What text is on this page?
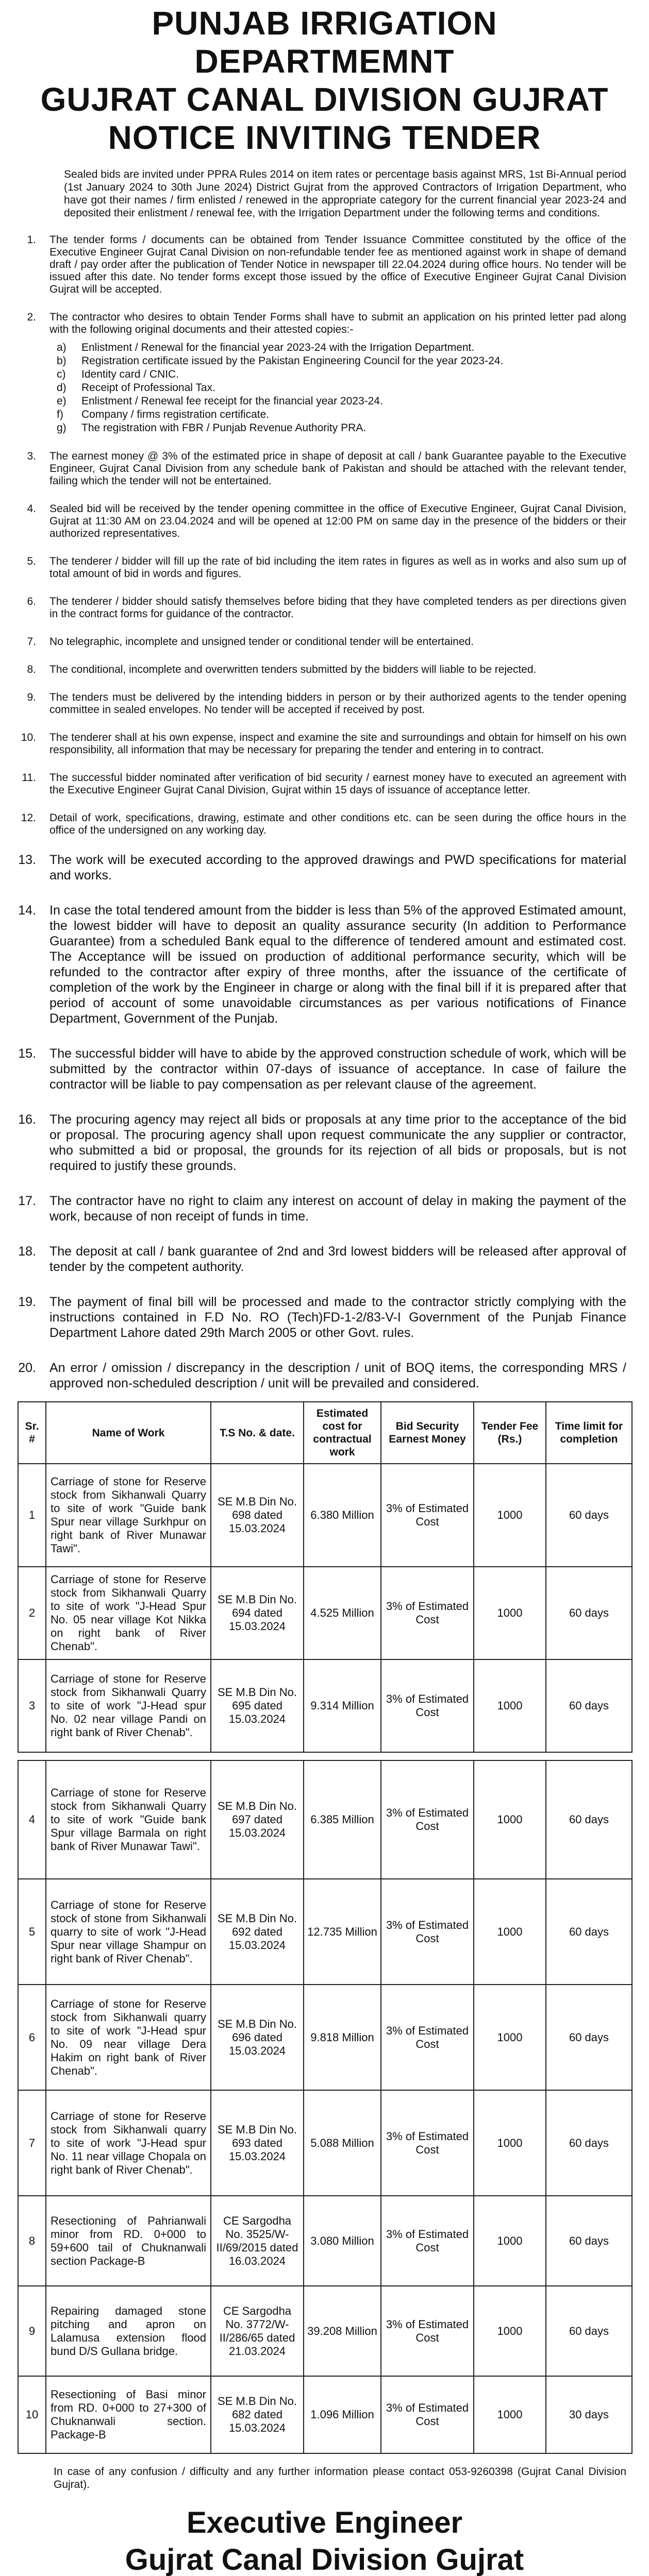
PUNJAB IRRIGATION DEPARTMEMNT
GUJRAT CANAL DIVISION GUJRAT
NOTICE INVITING TENDER

Sealed bids are invited under PPRA Rules 2014 on item rates or percentage basis against MRS, 1st Bi-Annual period (1st January 2024 to 30th June 2024) District Gujrat from the approved Contractors of Irrigation Department, who have got their names / firm enlisted / renewed in the appropriate category for the current financial year 2023-24 and deposited their enlistment / renewal fee, with the Irrigation Department under the following terms and conditions.

1.	The tender forms / documents can be obtained from Tender Issuance Committee constituted by the office of the Executive Engineer Gujrat Canal Division on non-refundable tender fee as mentioned against work in shape of demand draft / pay order after the publication of Tender Notice in newspaper till 22.04.2024 during office hours. No tender will be issued after this date. No tender forms except those issued by the office of Executive Engineer Gujrat Canal Division Gujrat will be accepted.
2.	The contractor who desires to obtain Tender Forms shall have to submit an application on his printed letter pad along with the following original documents and their attested copies:-
a)	Enlistment / Renewal for the financial year 2023-24 with the Irrigation Department.
b)	Registration certificate issued by the Pakistan Engineering Council for the year 2023-24.
c)	Identity card / CNIC.
d)	Receipt of Professional Tax.
e)	Enlistment / Renewal fee receipt for the financial year 2023-24.
f)	Company / firms registration certificate.
g)	The registration with FBR / Punjab Revenue Authority PRA.
3.	The earnest money @ 3% of the estimated price in shape of deposit at call / bank Guarantee payable to the Executive Engineer, Gujrat Canal Division from any schedule bank of Pakistan and should be attached with the relevant tender, failing which the tender will not be entertained.
4.	Sealed bid will be received by the tender opening committee in the office of Executive Engineer, Gujrat Canal Division, Gujrat at 11:30 AM on 23.04.2024 and will be opened at 12:00 PM on same day in the presence of the bidders or their authorized representatives.
5.	The tenderer / bidder will fill up the rate of bid including the item rates in figures as well as in works and also sum up of total amount of bid in words and figures.
6.	The tenderer / bidder should satisfy themselves before biding that they have completed tenders as per directions given in the contract forms for guidance of the contractor.
7.	No telegraphic, incomplete and unsigned tender or conditional tender will be entertained.
8.	The conditional, incomplete and overwritten tenders submitted by the bidders will liable to be rejected.
9.	The tenders must be delivered by the intending bidders in person or by their authorized agents to the tender opening committee in sealed envelopes. No tender will be accepted if received by post.
10.	The tenderer shall at his own expense, inspect and examine the site and surroundings and obtain for himself on his own responsibility, all information that may be necessary for preparing the tender and entering in to contract.
11.	The successful bidder nominated after verification of bid security / earnest money have to executed an agreement with the Executive Engineer Gujrat Canal Division, Gujrat within 15 days of issuance of acceptance letter.
12.	Detail of work, specifications, drawing, estimate and other conditions etc. can be seen during the office hours in the office of the undersigned on any working day.
13.	The work will be executed according to the approved drawings and PWD specifications for material and works.
14.	In case the total tendered amount from the bidder is less than 5% of the approved Estimated amount, the lowest bidder will have to deposit an quality assurance security (In addition to Performance Guarantee) from a scheduled Bank equal to the difference of tendered amount and estimated cost. The Acceptance will be issued on production of additional performance security, which will be refunded to the contractor after expiry of three months, after the issuance of the certificate of completion of the work by the Engineer in charge or along with the final bill if it is prepared after that period of account of some unavoidable circumstances as per various notifications of Finance Department, Government of the Punjab.
15.	The successful bidder will have to abide by the approved construction schedule of work, which will be submitted by the contractor within 07-days of issuance of acceptance. In case of failure the contractor will be liable to pay compensation as per relevant clause of the agreement.
16.	The procuring agency may reject all bids or proposals at any time prior to the acceptance of the bid or proposal. The procuring agency shall upon request communicate the any supplier or contractor, who submitted a bid or proposal, the grounds for its rejection of all bids or proposals, but is not required to justify these grounds.
17.	The contractor have no right to claim any interest on account of delay in making the payment of the work, because of non receipt of funds in time.
18.	The deposit at call / bank guarantee of 2nd and 3rd lowest bidders will be released after approval of tender by the competent authority.
19.	The payment of final bill will be processed and made to the contractor strictly complying with the instructions contained in F.D No. RO (Tech)FD-1-2/83-V-I Government of the Punjab Finance Department Lahore dated 29th March 2005 or other Govt. rules.
20.	An error / omission / discrepancy in the description / unit of BOQ items, the corresponding MRS / approved non-scheduled description / unit will be prevailed and considered.
Sr. #	Name of Work	T.S No. & date.	Estimated cost for contractual work	Bid Security Earnest Money	Tender Fee (Rs.)	Time limit for completion
1	Carriage of stone for Reserve stock from Sikhanwali Quarry to site of work "Guide bank Spur near village Surkhpur on right bank of River Munawar Tawi".	SE M.B Din No. 698 dated 15.03.2024	6.380 Million	3% of Estimated Cost	1000	60 days
2	Carriage of stone for Reserve stock from Sikhanwali Quarry to site of work "J-Head Spur No. 05 near village Kot Nikka on right bank of River Chenab".	SE M.B Din No. 694 dated 15.03.2024	4.525 Million	3% of Estimated Cost	1000	60 days
3	Carriage of stone for Reserve stock from Sikhanwali Quarry to site of work "J-Head spur No. 02 near village Pandi on right bank of River Chenab".	SE M.B Din No. 695 dated 15.03.2024	9.314 Million	3% of Estimated Cost	1000	60 days

4	Carriage of stone for Reserve stock from Sikhanwali Quarry to site of work "Guide bank Spur village Barmala on right bank of River Munawar Tawi".	SE M.B Din No. 697 dated 15.03.2024	6.385 Million	3% of Estimated Cost	1000	60 days
5	Carriage of stone for Reserve stock of stone from Sikhanwali quarry to site of work "J-Head Spur near village Shampur on right bank of River Chenab".	SE M.B Din No. 692 dated 15.03.2024	12.735 Million	3% of Estimated Cost	1000	60 days
6	Carriage of stone for Reserve stock from Sikhanwali quarry to site of work "J-Head spur No. 09 near village Dera Hakim on right bank of River Chenab".	SE M.B Din No. 696 dated 15.03.2024	9.818 Million	3% of Estimated Cost	1000	60 days
7	Carriage of stone for Reserve stock from Sikhanwali quarry to site of work "J-Head spur No. 11 near village Chopala on right bank of River Chenab".	SE M.B Din No. 693 dated 15.03.2024	5.088 Million	3% of Estimated Cost	1000	60 days
8	Resectioning of Pahrianwali minor from RD. 0+000 to 59+600 tail of Chuknanwali section Package-B	CE Sargodha No. 3525/W-II/69/2015 dated 16.03.2024	3.080 Million	3% of Estimated Cost	1000	60 days
9	Repairing damaged stone pitching and apron on Lalamusa extension flood bund D/S Gullana bridge.	CE Sargodha No. 3772/W-II/286/65 dated 21.03.2024	39.208 Million	3% of Estimated Cost	1000	60 days
10	Resectioning of Basi minor from RD. 0+000 to 27+300 of Chuknanwali section. Package-B	SE M.B Din No. 682 dated 15.03.2024	1.096 Million	3% of Estimated Cost	1000	30 days

In case of any confusion / difficulty and any further information please contact 053-9260398 (Gujrat Canal Division Gujrat).

Executive Engineer
Gujrat Canal Division Gujrat
